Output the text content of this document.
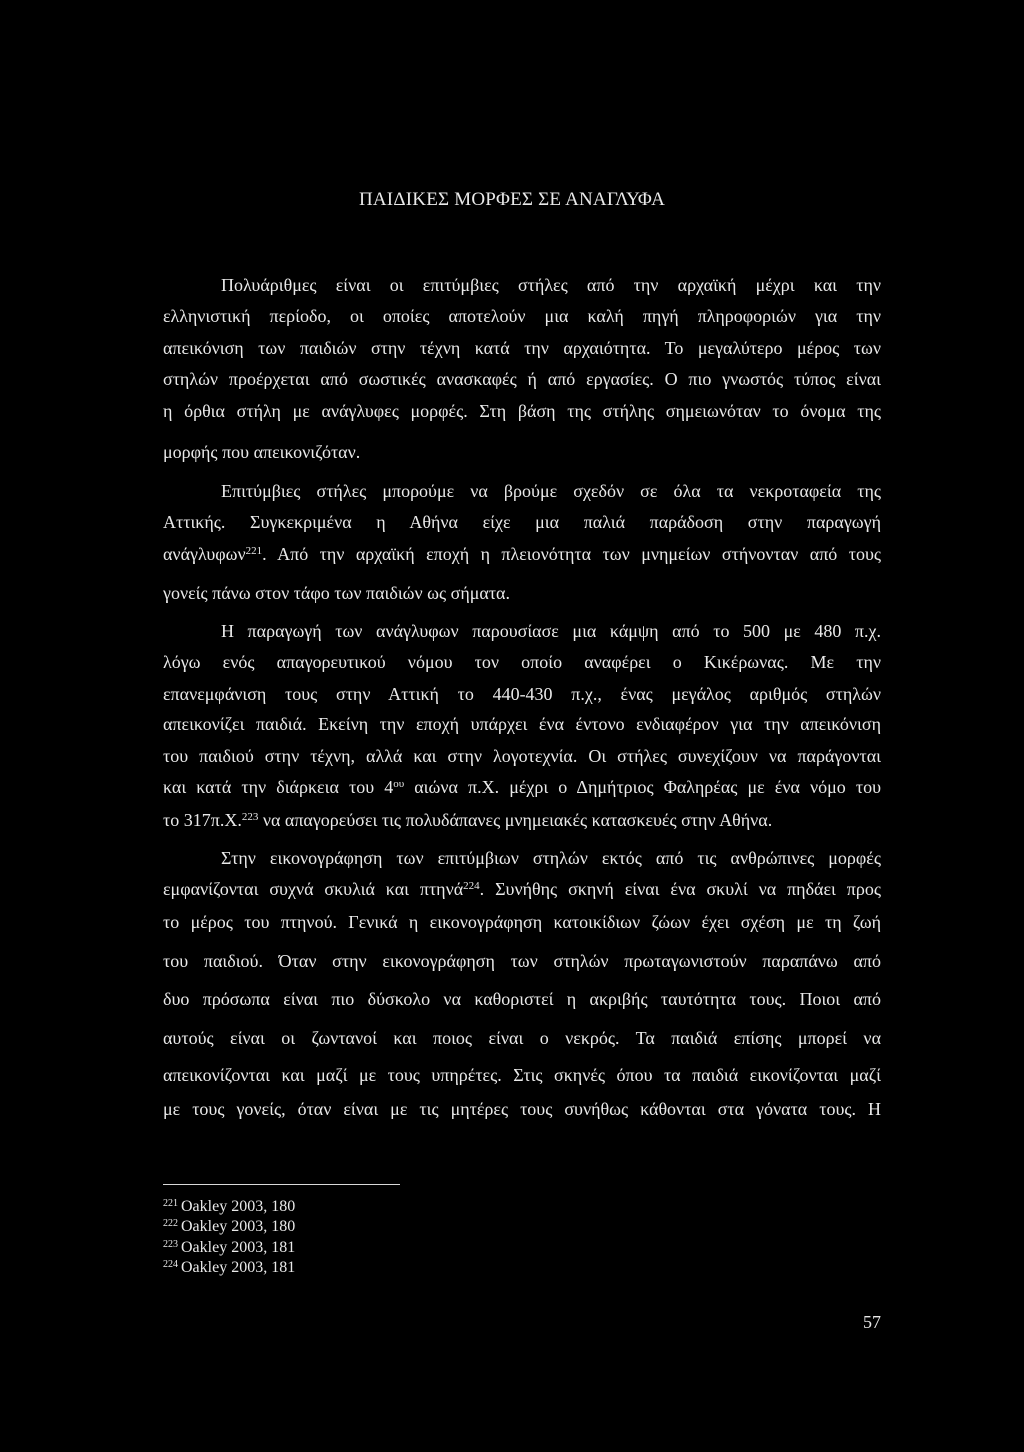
ΠΑΙΔΙΚΕΣ ΜΟΡΦΕΣ ΣΕ ΑΝΑΓΛΥΦΑ
Πολυάριθμες είναι οι επιτύμβιες στήλες από την αρχαϊκή μέχρι και την
ελληνιστική περίοδο, οι οποίες αποτελούν μια καλή πηγή πληροφοριών για την
απεικόνιση των παιδιών στην τέχνη κατά την αρχαιότητα. Το μεγαλύτερο μέρος των
στηλών προέρχεται από σωστικές ανασκαφές ή από εργασίες. Ο πιο γνωστός τύπος είναι
η όρθια στήλη με ανάγλυφες μορφές. Στη βάση της στήλης σημειωνόταν το όνομα της
μορφής που απεικονιζόταν.
Επιτύμβιες στήλες μπορούμε να βρούμε σχεδόν σε όλα τα νεκροταφεία της
Αττικής. Συγκεκριμένα η Αθήνα είχε μια παλιά παράδοση στην παραγωγή
ανάγλυφων$^{221}$. Από την αρχαϊκή εποχή η πλειονότητα των μνημείων στήνονταν από τους
γονείς πάνω στον τάφο των παιδιών ως σήματα.
Η παραγωγή των ανάγλυφων παρουσίασε μια κάμψη από το 500 με 480 π.χ.
λόγω ενός απαγορευτικού νόμου τον οποίο αναφέρει ο Κικέρωνας. Με την
επανεμφάνιση τους στην Αττική το 440-430 π.χ., ένας μεγάλος αριθμός στηλών
απεικονίζει παιδιά. Εκείνη την εποχή υπάρχει ένα έντονο ενδιαφέρον για την απεικόνιση
του παιδιού στην τέχνη, αλλά και στην λογοτεχνία. Οι στήλες συνεχίζουν να παράγονται
και κατά την διάρκεια του $4^{o\upsilon}$ αιώνα π.Χ. μέχρι ο Δημήτριος Φαληρέας με ένα νόμο του
το 317π.Χ.$^{223}$ να απαγορεύσει τις πολυδάπανες μνημειακές κατασκευές στην Αθήνα.
Στην εικονογράφηση των επιτύμβιων στηλών εκτός από τις ανθρώπινες μορφές
εμφανίζονται συχνά σκυλιά και πτηνά$^{224}$. Συνήθης σκηνή είναι ένα σκυλί να πηδάει προς
το μέρος του πτηνού. Γενικά η εικονογράφηση κατοικίδιων ζώων έχει σχέση με τη ζωή
του παιδιού. Όταν στην εικονογράφηση των στηλών πρωταγωνιστούν παραπάνω από
δυο πρόσωπα είναι πιο δύσκολο να καθοριστεί η ακριβής ταυτότητα τους. Ποιοι από
αυτούς είναι οι ζωντανοί και ποιος είναι ο νεκρός. Τα παιδιά επίσης μπορεί να
απεικονίζονται και μαζί με τους υπηρέτες. Στις σκηνές όπου τα παιδιά εικονίζονται μαζί
με τους γονείς, όταν είναι με τις μητέρες τους συνήθως κάθονται στα γόνατα τους. Η
$^{221}$ Oakley 2003, 180
$^{222}$ Oakley 2003, 180
$^{223}$ Oakley 2003, 181
$^{224}$ Oakley 2003, 181
57
